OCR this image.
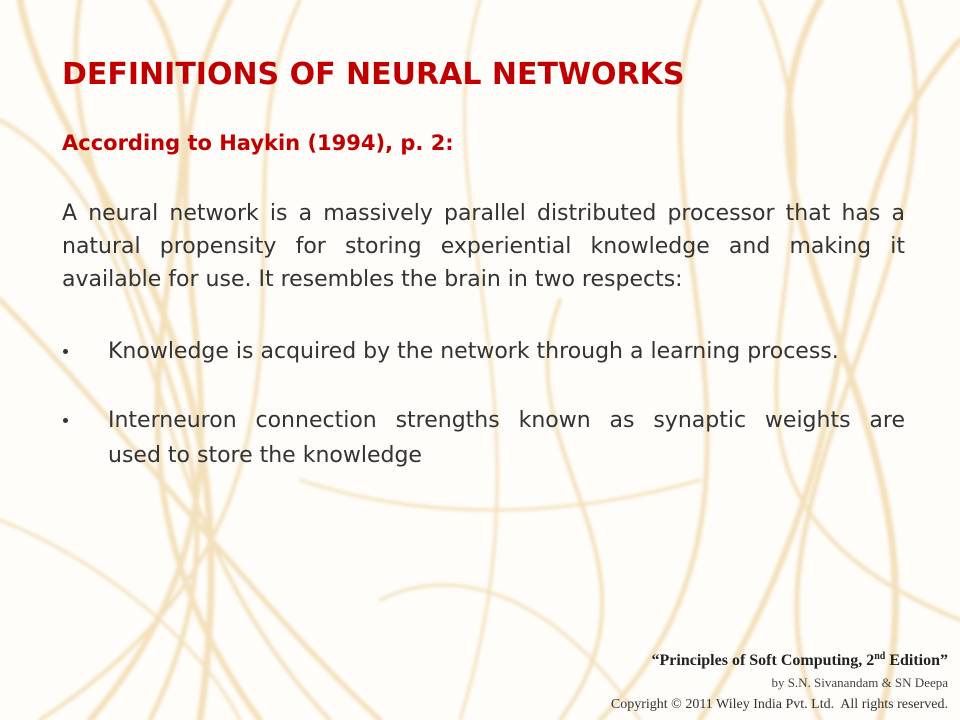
DEFINITIONS OF NEURAL NETWORKS
According to Haykin (1994), p. 2:
A neural network is a massively parallel distributed processor that has a
natural propensity for storing experiential knowledge and making it
available for use. It resembles the brain in two respects:
Knowledge is acquired by the network through a learning process.
Interneuron connection strengths known as synaptic weights are
used to store the knowledge
“Principles of Soft Computing, 2nd Edition”
by S.N. Sivanandam & SN Deepa
Copyright © 2011 Wiley India Pvt. Ltd.  All rights reserved.
